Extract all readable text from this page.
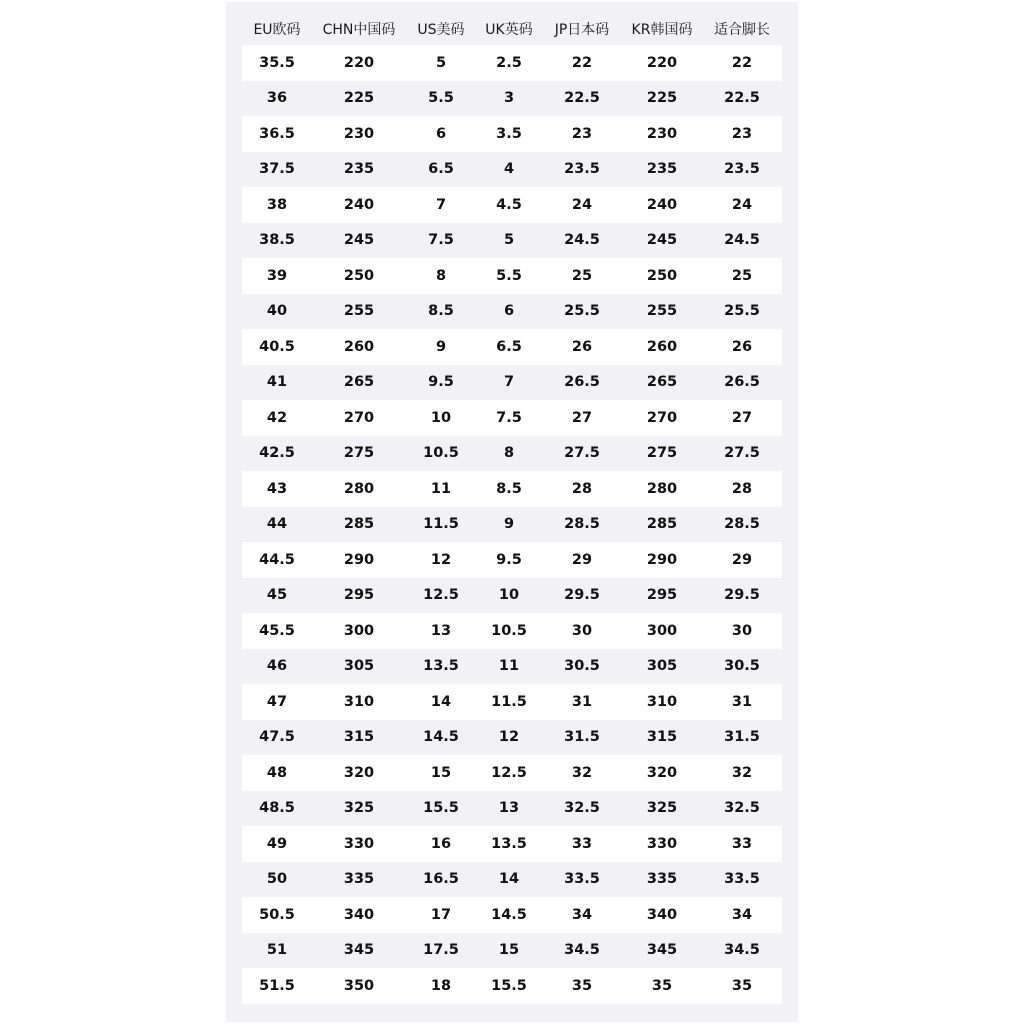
EU欧码	CHN中国码	US美码	UK英码	JP日本码	KR韩国码	适合脚长
35.5	220	5	2.5	22	220	22
36	225	5.5	3	22.5	225	22.5
36.5	230	6	3.5	23	230	23
37.5	235	6.5	4	23.5	235	23.5
38	240	7	4.5	24	240	24
38.5	245	7.5	5	24.5	245	24.5
39	250	8	5.5	25	250	25
40	255	8.5	6	25.5	255	25.5
40.5	260	9	6.5	26	260	26
41	265	9.5	7	26.5	265	26.5
42	270	10	7.5	27	270	27
42.5	275	10.5	8	27.5	275	27.5
43	280	11	8.5	28	280	28
44	285	11.5	9	28.5	285	28.5
44.5	290	12	9.5	29	290	29
45	295	12.5	10	29.5	295	29.5
45.5	300	13	10.5	30	300	30
46	305	13.5	11	30.5	305	30.5
47	310	14	11.5	31	310	31
47.5	315	14.5	12	31.5	315	31.5
48	320	15	12.5	32	320	32
48.5	325	15.5	13	32.5	325	32.5
49	330	16	13.5	33	330	33
50	335	16.5	14	33.5	335	33.5
50.5	340	17	14.5	34	340	34
51	345	17.5	15	34.5	345	34.5
51.5	350	18	15.5	35	35	35
